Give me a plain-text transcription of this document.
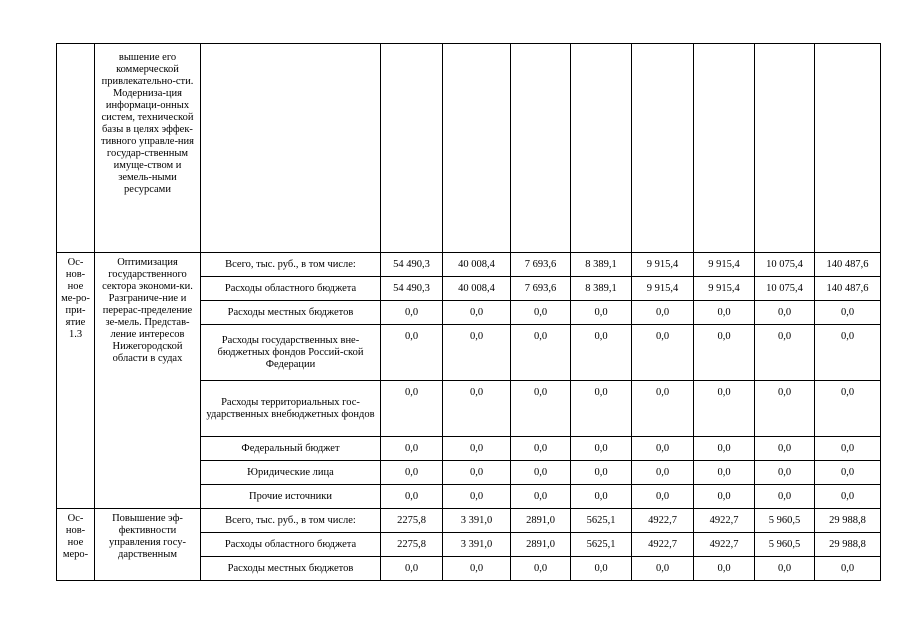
	вышение его коммерческой привлекательно-сти. Модерниза-ция информаци-онных систем, технической базы в целях эффек-тивного управле-ния государ-ственным имуще-ством и земель-ными ресурсами									
Ос-нов-ное ме-ро-при-ятие 1.3	Оптимизация государственного сектора экономи-ки. Разграниче-ние и перерас-пределение зе-мель. Представ-ление интересов Нижегородской области в судах	Всего, тыс. руб., в том числе:	54 490,3	40 008,4	7 693,6	8 389,1	9 915,4	9 915,4	10 075,4	140 487,6
		Расходы областного бюджета	54 490,3	40 008,4	7 693,6	8 389,1	9 915,4	9 915,4	10 075,4	140 487,6
		Расходы местных бюджетов	0,0	0,0	0,0	0,0	0,0	0,0	0,0	0,0
		Расходы государственных вне-бюджетных фондов Россий-ской Федерации	0,0	0,0	0,0	0,0	0,0	0,0	0,0	0,0
		Расходы территориальных гос-ударственных внебюджетных фондов	0,0	0,0	0,0	0,0	0,0	0,0	0,0	0,0
		Федеральный бюджет	0,0	0,0	0,0	0,0	0,0	0,0	0,0	0,0
		Юридические лица	0,0	0,0	0,0	0,0	0,0	0,0	0,0	0,0
		Прочие источники	0,0	0,0	0,0	0,0	0,0	0,0	0,0	0,0
Ос-нов-ное меро-	Повышение эф-фективности управления госу-дарственным	Всего, тыс. руб., в том числе:	2275,8	3 391,0	2891,0	5625,1	4922,7	4922,7	5 960,5	29 988,8
		Расходы областного бюджета	2275,8	3 391,0	2891,0	5625,1	4922,7	4922,7	5 960,5	29 988,8
		Расходы местных бюджетов	0,0	0,0	0,0	0,0	0,0	0,0	0,0	0,0
